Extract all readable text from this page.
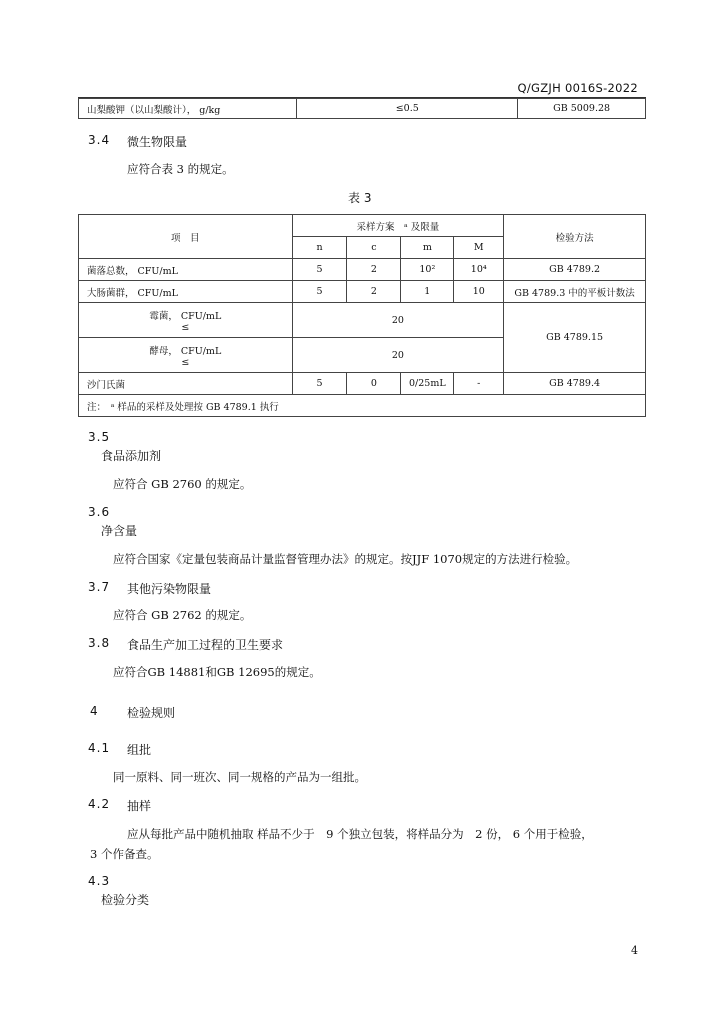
Q/GZJH 0016S-2022
山梨酸钾（以山梨酸计）， g/kg	≤0.5	GB 5009.28
3.4 微生物限量
应符合表 3 的规定。
表 3
项　目	采样方案　ᵃ 及限量				检验方法
	n	c	m	M	
菌落总数， CFU/mL	5	2	10²	10⁴	GB 4789.2
大肠菌群， CFU/mL	5	2	1	10	GB 4789.3 中的平板计数法

霉菌， CFU/mL
≤	20				GB 4789.15

酵母， CFU/mL
≤	20				
沙门氏菌	5	0	0/25mL	-	GB 4789.4
注：　ᵃ 样品的采样及处理按 GB 4789.1 执行					
3.5
食品添加剂
应符合 GB 2760 的规定。
3.6
净含量
应符合国家《定量包装商品计量监督管理办法》的规定。按JJF 1070规定的方法进行检验。
3.7 其他污染物限量
应符合 GB 2762 的规定。
3.8 食品生产加工过程的卫生要求
应符合GB 14881和GB 12695的规定。
4 检验规则
4.1 组批
同一原料、同一班次、同一规格的产品为一组批。
4.2 抽样
应从每批产品中随机抽取 样品不少于　9 个独立包装，将样品分为　2 份， 6 个用于检验，
3 个作备查。
4.3
检验分类
4
